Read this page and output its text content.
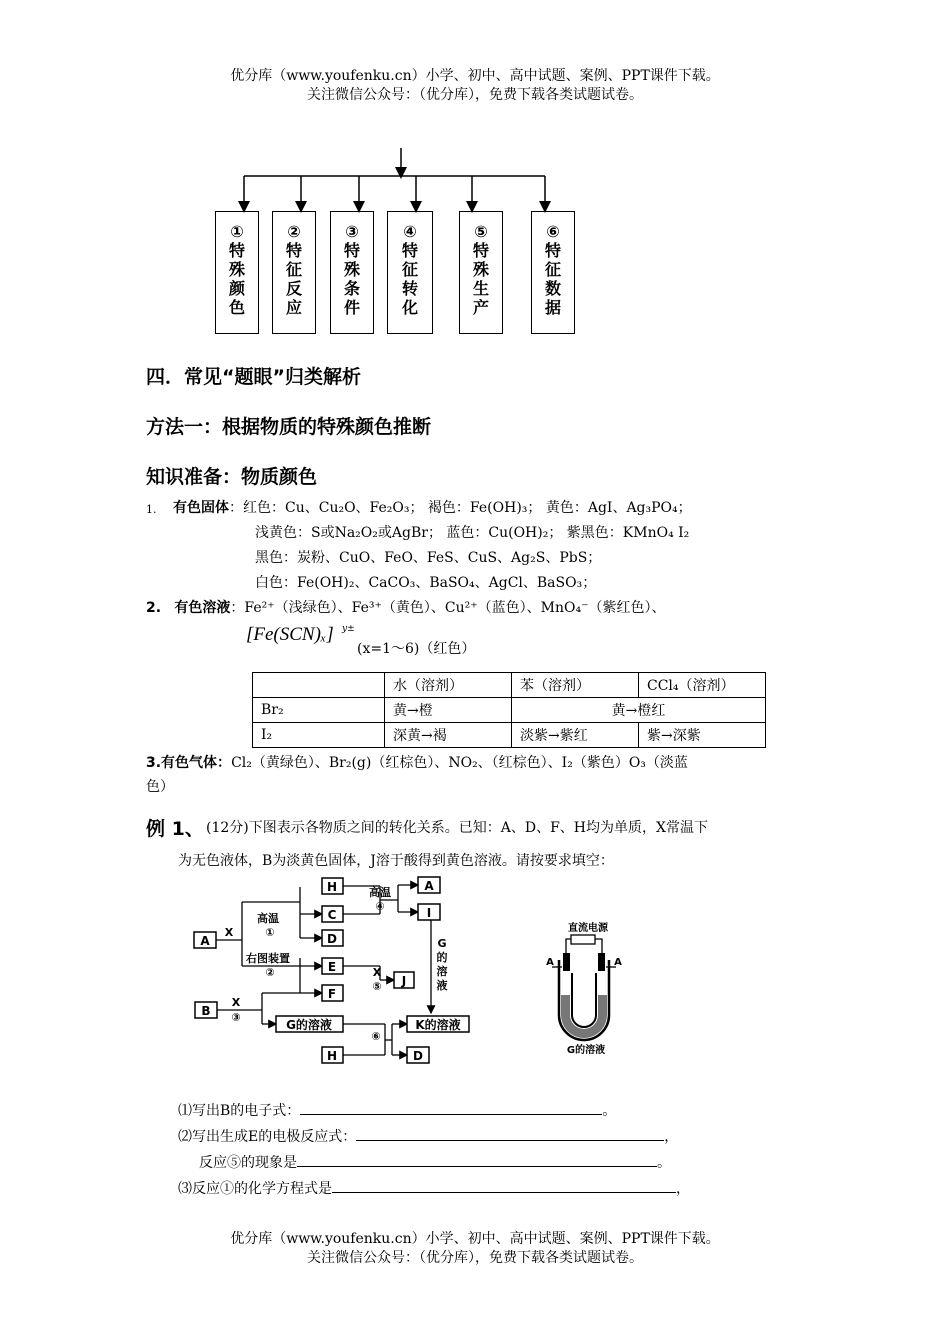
优分库（www.youfenku.cn）小学、初中、高中试题、案例、PPT课件下载。
关注微信公众号：（优分库），免费下载各类试题试卷。
①
特殊颜色
②
特征反应
③
特殊条件
④
特征转化
⑤
特殊生产
⑥
特征数据
四．常见“题眼”归类解析
方法一：根据物质的特殊颜色推断
知识准备：物质颜色
1. 有色固体：红色：Cu、Cu₂O、Fe₂O₃； 褐色：Fe(OH)₃； 黄色：AgI、Ag₃PO₄；
浅黄色：S或Na₂O₂或AgBr； 蓝色：Cu(OH)₂； 紫黑色：KMnO₄ I₂
黑色：炭粉、CuO、FeO、FeS、CuS、Ag₂S、PbS；
白色：Fe(OH)₂、CaCO₃、BaSO₄、AgCl、BaSO₃；
2. 有色溶液：Fe²⁺（浅绿色）、Fe³⁺（黄色）、Cu²⁺（蓝色）、MnO₄⁻（紫红色）、
[Fe(SCN)ₓ] y±
(x=1～6)（红色）
	水（溶剂）	苯（溶剂）	CCl₄（溶剂）
Br₂	黄→橙	黄→橙红	
I₂	深黄→褐	淡紫→紫红	紫→深紫
3.有色气体：Cl₂（黄绿色）、Br₂(g)（红棕色）、NO₂、（红棕色）、I₂（紫色）O₃（淡蓝
色）
例 1、 (12分)下图表示各物质之间的转化关系。已知：A、D、F、H均为单质，X常温下
为无色液体，B为淡黄色固体，J溶于酸得到黄色溶液。请按要求填空：
A
B
H
C
D
E
F
G的溶液
H
A
I
J
K的溶液
D
X
高温
①
右图装置
②
X
③
高温
④
X
⑤
⑥
G
的
溶
液
直流电源
A	A
G的溶液
⑴写出B的电子式：	。
⑵写出生成E的电极反应式：	，
反应⑤的现象是	。
⑶反应①的化学方程式是	，
优分库（www.youfenku.cn）小学、初中、高中试题、案例、PPT课件下载。
关注微信公众号：（优分库），免费下载各类试题试卷。
